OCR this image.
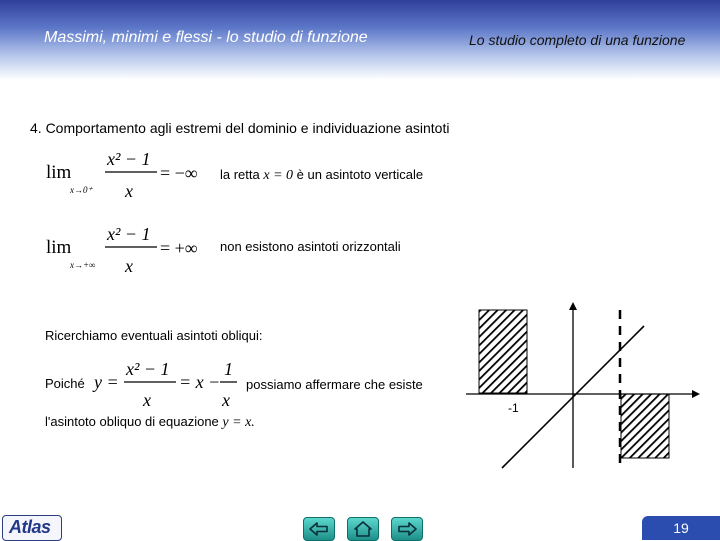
Massimi, minimi e flessi - lo studio di funzione	Lo studio completo di una funzione
4. Comportamento agli estremi del dominio e individuazione asintoti
lim
x→0⁺
x² − 1
x
= −∞ la retta x = 0 è un asintoto verticale
lim
x→+∞
x² − 1
x
= +∞ non esistono asintoti orizzontali
Ricerchiamo eventuali asintoti obliqui:
Poiché y =
x² − 1
x
= x −
1
x
possiamo affermare che esiste
l'asintoto obliquo di equazione y = x.
-1
Atlas	19
